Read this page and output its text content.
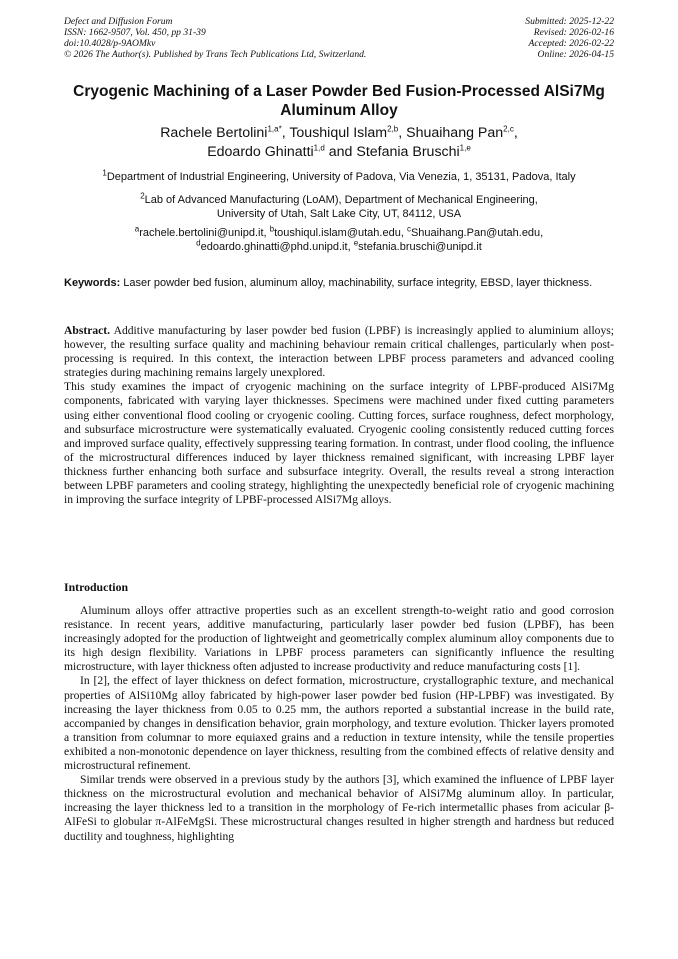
Defect and Diffusion Forum
ISSN: 1662-9507, Vol. 450, pp 31-39
doi:10.4028/p-9AOMkv
© 2026 The Author(s). Published by Trans Tech Publications Ltd, Switzerland.
Submitted: 2025-12-22
Revised: 2026-02-16
Accepted: 2026-02-22
Online: 2026-04-15
Cryogenic Machining of a Laser Powder Bed Fusion-Processed AlSi7Mg Aluminum Alloy
Rachele Bertolini$^{1,a*}$, Toushiqul Islam$^{2,b}$, Shuaihang Pan$^{2,c}$,
Edoardo Ghinatti$^{1,d}$ and Stefania Bruschi$^{1,e}$
$^1$Department of Industrial Engineering, University of Padova, Via Venezia, 1, 35131, Padova, Italy
$^2$Lab of Advanced Manufacturing (LoAM), Department of Mechanical Engineering,
University of Utah, Salt Lake City, UT, 84112, USA
$^a$rachele.bertolini@unipd.it, $^b$toushiqul.islam@utah.edu, $^c$Shuaihang.Pan@utah.edu,
$^d$edoardo.ghinatti@phd.unipd.it, $^e$stefania.bruschi@unipd.it
Keywords: Laser powder bed fusion, aluminum alloy, machinability, surface integrity, EBSD, layer thickness.

Abstract. Additive manufacturing by laser powder bed fusion (LPBF) is increasingly applied to aluminium alloys; however, the resulting surface quality and machining behaviour remain critical challenges, particularly when post-processing is required. In this context, the interaction between LPBF process parameters and advanced cooling strategies during machining remains largely unexplored.

This study examines the impact of cryogenic machining on the surface integrity of LPBF-produced AlSi7Mg components, fabricated with varying layer thicknesses. Specimens were machined under fixed cutting parameters using either conventional flood cooling or cryogenic cooling. Cutting forces, surface roughness, defect morphology, and subsurface microstructure were systematically evaluated. Cryogenic cooling consistently reduced cutting forces and improved surface quality, effectively suppressing tearing formation. In contrast, under flood cooling, the influence of the microstructural differences induced by layer thickness remained significant, with increasing LPBF layer thickness further enhancing both surface and subsurface integrity. Overall, the results reveal a strong interaction between LPBF parameters and cooling strategy, highlighting the unexpectedly beneficial role of cryogenic machining in improving the surface integrity of LPBF-processed AlSi7Mg alloys.

Introduction

Aluminum alloys offer attractive properties such as an excellent strength-to-weight ratio and good corrosion resistance. In recent years, additive manufacturing, particularly laser powder bed fusion (LPBF), has been increasingly adopted for the production of lightweight and geometrically complex aluminum alloy components due to its high design flexibility. Variations in LPBF process parameters can significantly influence the resulting microstructure, with layer thickness often adjusted to increase productivity and reduce manufacturing costs [1].

In [2], the effect of layer thickness on defect formation, microstructure, crystallographic texture, and mechanical properties of AlSi10Mg alloy fabricated by high-power laser powder bed fusion (HP-LPBF) was investigated. By increasing the layer thickness from 0.05 to 0.25 mm, the authors reported a substantial increase in the build rate, accompanied by changes in densification behavior, grain morphology, and texture evolution. Thicker layers promoted a transition from columnar to more equiaxed grains and a reduction in texture intensity, while the tensile properties exhibited a non-monotonic dependence on layer thickness, resulting from the combined effects of relative density and microstructural refinement.

Similar trends were observed in a previous study by the authors [3], which examined the influence of LPBF layer thickness on the microstructural evolution and mechanical behavior of AlSi7Mg aluminum alloy. In particular, increasing the layer thickness led to a transition in the morphology of Fe-rich intermetallic phases from acicular β-AlFeSi to globular π-AlFeMgSi. These microstructural changes resulted in higher strength and hardness but reduced ductility and toughness, highlighting
